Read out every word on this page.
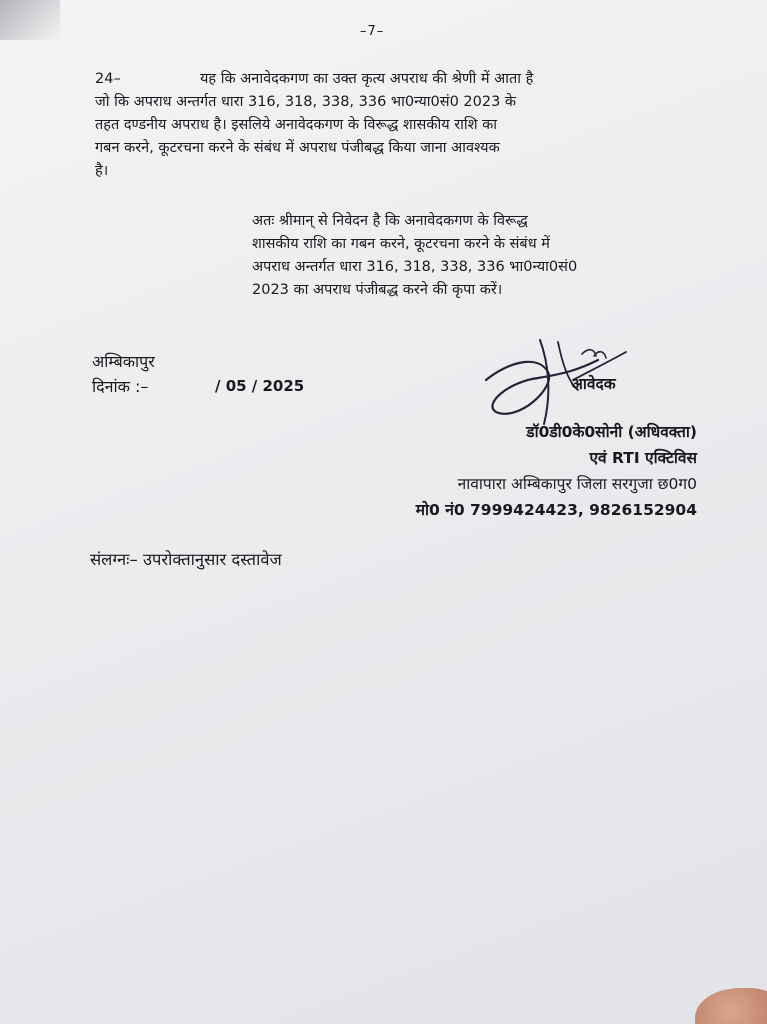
–7–
24–	यह कि अनावेदकगण का उक्त कृत्य अपराध की श्रेणी में आता है
जो कि अपराध अन्तर्गत धारा 316, 318, 338, 336 भा0न्या0सं0 2023 के
तहत दण्डनीय अपराध है। इसलिये अनावेदकगण के विरूद्ध शासकीय राशि का
गबन करने, कूटरचना करने के संबंध में अपराध पंजीबद्ध किया जाना आवश्यक
है।
अतः श्रीमान् से निवेदन है कि अनावेदकगण के विरूद्ध
शासकीय राशि का गबन करने, कूटरचना करने के संबंध में
अपराध अन्तर्गत धारा 316, 318, 338, 336 भा0न्या0सं0
2023 का अपराध पंजीबद्ध करने की कृपा करें।
अम्बिकापुर
दिनांक :–	/ 05 / 2025	आवेदक
डॉ0डी0के0सोनी (अधिवक्ता)
एवं RTI एक्टिविस
नावापारा अम्बिकापुर जिला सरगुजा छ0ग0
मो0 नं0 7999424423, 9826152904
संलग्नः– उपरोक्तानुसार दस्तावेज
